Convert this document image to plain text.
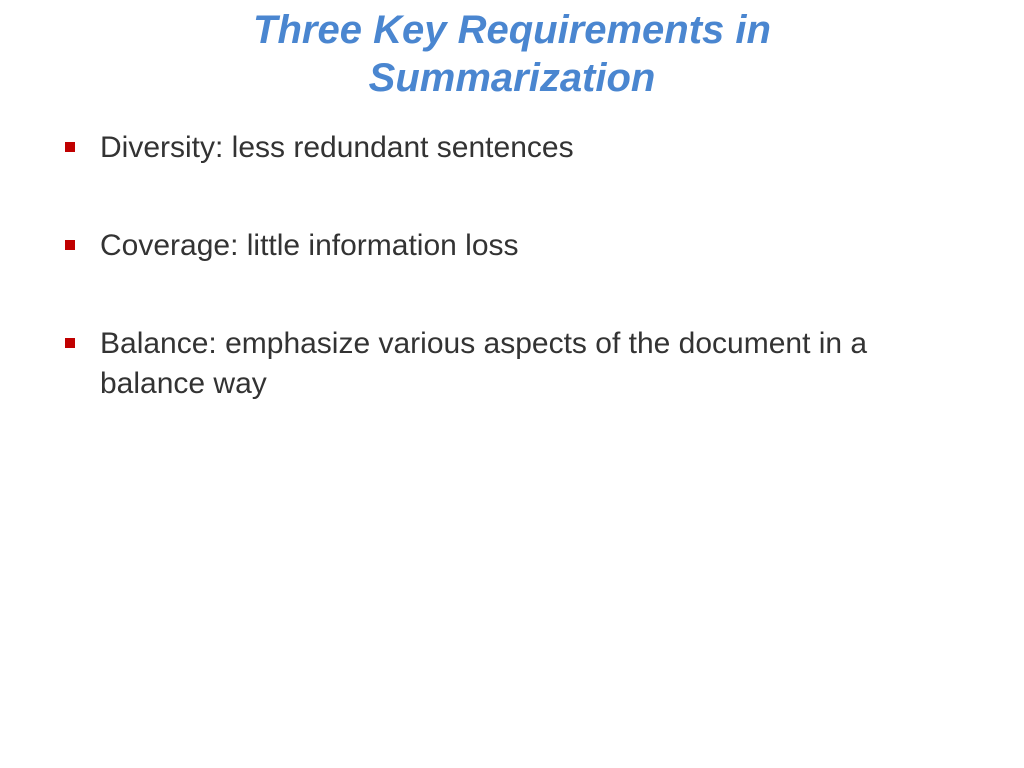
Three Key Requirements in
Summarization
Diversity: less redundant sentences
Coverage: little information loss
Balance: emphasize various aspects of the document in a balance way
